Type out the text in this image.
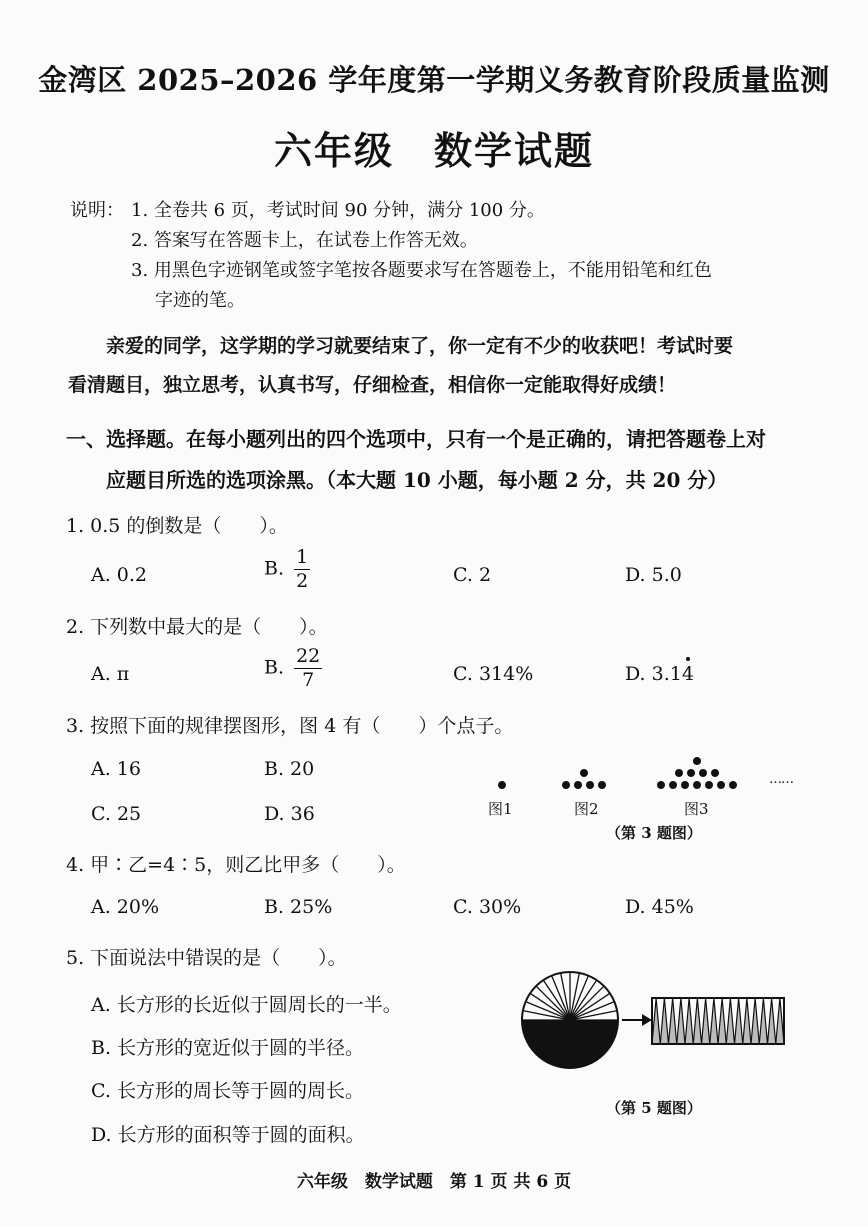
金湾区 2025–2026 学年度第一学期义务教育阶段质量监测
六年级 数学试题
说明： 1. 全卷共 6 页，考试时间 90 分钟，满分 100 分。
2. 答案写在答题卡上，在试卷上作答无效。
3. 用黑色字迹钢笔或签字笔按各题要求写在答题卷上，不能用铅笔和红色
字迹的笔。
亲爱的同学，这学期的学习就要结束了，你一定有不少的收获吧！考试时要
看清题目，独立思考，认真书写，仔细检查，相信你一定能取得好成绩！
一、选择题。在每小题列出的四个选项中，只有一个是正确的，请把答题卷上对
应题目所选的选项涂黑。（本大题 10 小题，每小题 2 分，共 20 分）
1. 0.5 的倒数是（　　）。
A. 0.2	B. $\frac{1}{2}$	C. 2	D. 5.0
2. 下列数中最大的是（　　）。
A. π	B. $\frac{22}{7}$	C. 314%	D. 3.14
3. 按照下面的规律摆图形，图 4 有（　　）个点子。
A. 16	B. 20
C. 25	D. 36	图1	图2	图3
……
（第 3 题图）
4. 甲∶乙=4∶5，则乙比甲多（　　）。
A. 20%	B. 25%	C. 30%	D. 45%
5. 下面说法中错误的是（　　）。
A. 长方形的长近似于圆周长的一半。
B. 长方形的宽近似于圆的半径。
C. 长方形的周长等于圆的周长。
D. 长方形的面积等于圆的面积。
（第 5 题图）
六年级　数学试题　第 1 页 共 6 页
